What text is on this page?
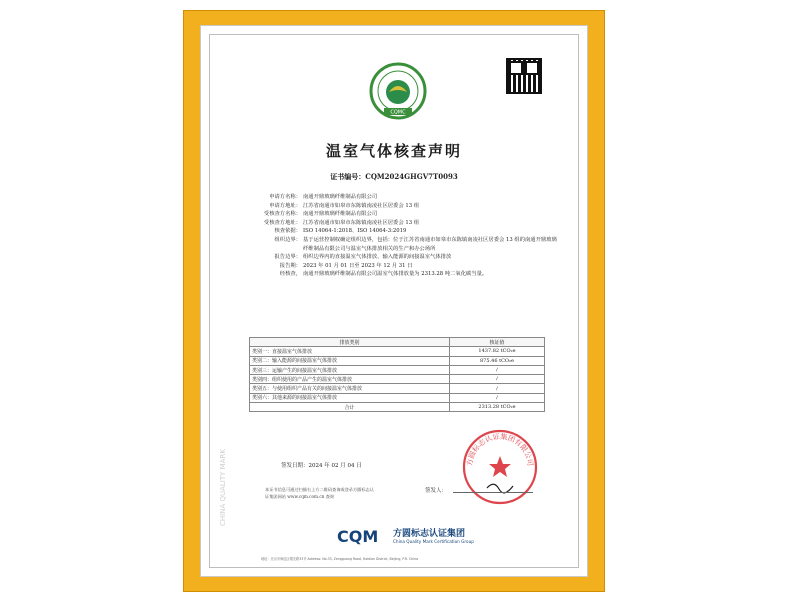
CQMC
温室气体核查声明
证书编号：CQM2024GHGV7T0093
申请方名称： 南通开鼎玻璃纤维制品有限公司
申请方地址： 江苏省南通市如皋市东陈镇南凌社区居委会 13 组
受核查方名称： 南通开鼎玻璃纤维制品有限公司
受核查方地址： 江苏省南通市如皋市东陈镇南凌社区居委会 13 组
核查依据： ISO 14064-1:2018、ISO 14064-3:2019
组织边界： 基于运营控制权确定组织边界，包括：位于江苏省南通市如皋市东陈镇南凌社区居委会 13 组的南通开鼎玻璃纤维制品有限公司与温室气体排放相关的生产和办公场所
报告边界： 组织边界内的直接温室气体排放、输入能源的间接温室气体排放
报告期： 2023 年 01 月 01 日至 2023 年 12 月 31 日
经核查， 南通开鼎玻璃纤维制品有限公司温室气体排放量为 2313.28 吨二氧化碳当量。
排放类别	核证值
类别一：直接温室气体排放	1437.82 tCO₂e
类别二：输入能源的间接温室气体排放	875.46 tCO₂e
类别三：运输产生的间接温室气体排放	/
类别四：组织使用的产品产生的温室气体排放	/
类别五：与使用组织产品有关的间接温室气体排放	/
类别六：其他来源的间接温室气体排放	/
合计	2313.28 tCO₂e
签发日期：2024 年 02 月 04 日
本证书信息可通过扫描右上方二维码查询或登录方圆标志认证集团网站 www.cqm.com.cn 查询
方圆标志认证集团有限公司
签发人：
CQM 方圆标志认证集团
China Quality Mark Certification Group
地址：北京市海淀区增光路33号 Address: No.33, Zengguang Road, Haidian District, Beijing, P.R. China
CHINA QUALITY MARK
